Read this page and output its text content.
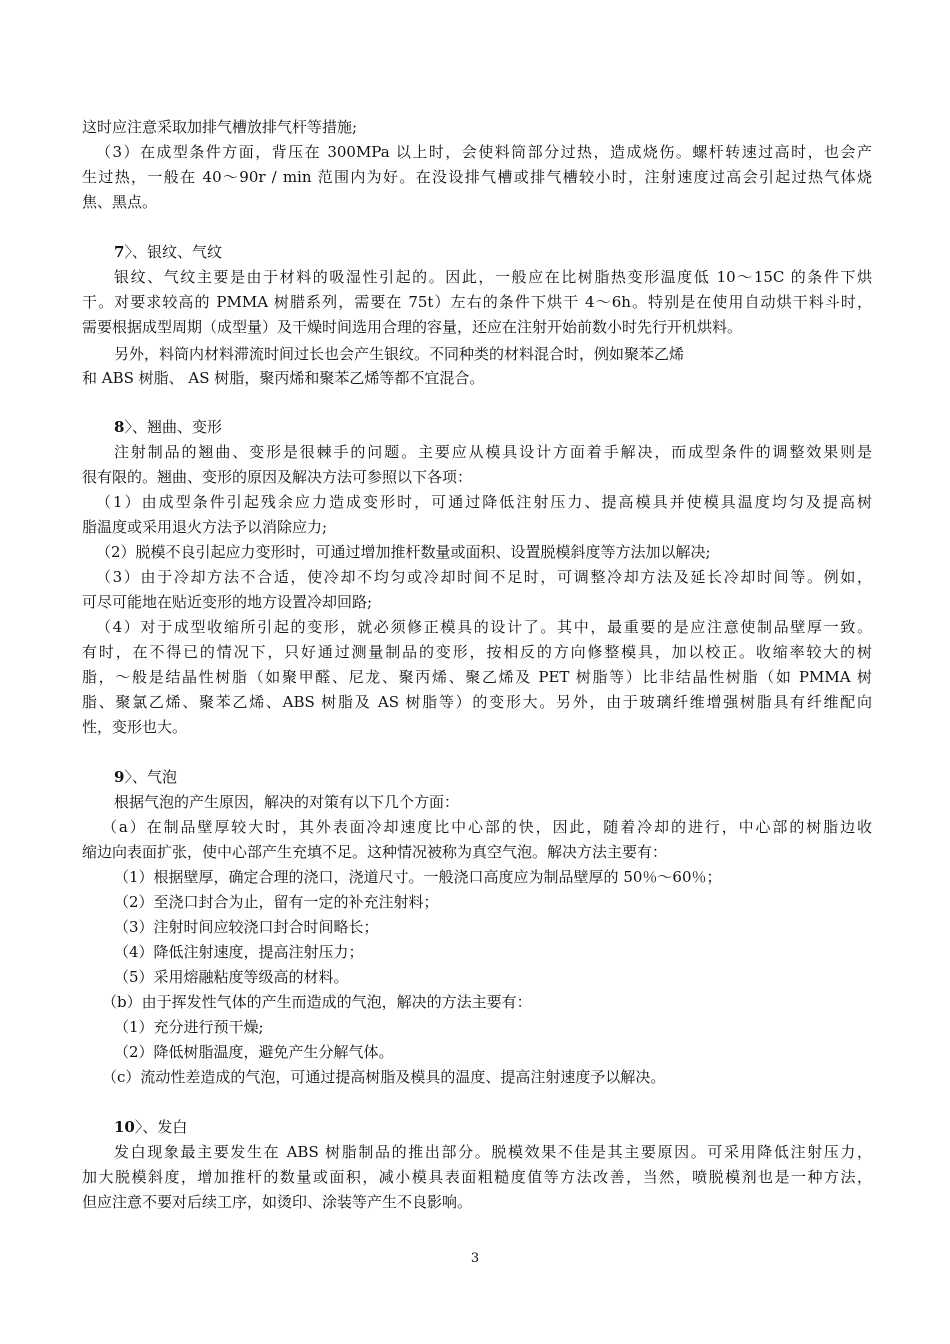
这时应注意采取加排气槽放排气杆等措施;
（3）在成型条件方面，背压在 300MPa 以上时，会使料筒部分过热，造成烧伤。螺杆转速过高时，也会产
生过热，一般在 40～90r / min 范围内为好。在没设排气槽或排气槽较小时，注射速度过高会引起过热气体烧
焦、黑点。
7〉、银纹、气纹
银纹、气纹主要是由于材料的吸湿性引起的。因此，一般应在比树脂热变形温度低 10～15C 的条件下烘
干。对要求较高的 PMMA 树腊系列，需要在 75t）左右的条件下烘干 4～6h。特别是在使用自动烘干料斗时，
需要根据成型周期（成型量）及干燥时间选用合理的容量，还应在注射开始前数小时先行开机烘料。
另外，料筒内材料滞流时间过长也会产生银纹。不同种类的材料混合时，例如聚苯乙烯
和 ABS 树脂、 AS 树脂，聚丙烯和聚苯乙烯等都不宜混合。
8〉、翘曲、变形
注射制品的翘曲、变形是很棘手的问题。主要应从模具设计方面着手解决，而成型条件的调整效果则是
很有限的。翘曲、变形的原因及解决方法可参照以下各项：
（1）由成型条件引起残余应力造成变形时，可通过降低注射压力、提高模具并使模具温度均匀及提高树
脂温度或采用退火方法予以消除应力;
（2）脱模不良引起应力变形时，可通过增加推杆数量或面积、设置脱模斜度等方法加以解决;
（3）由于冷却方法不合适，使冷却不均匀或冷却时间不足时，可调整冷却方法及延长冷却时间等。例如，
可尽可能地在贴近变形的地方设置冷却回路;
（4）对于成型收缩所引起的变形，就必须修正模具的设计了。其中，最重要的是应注意使制品壁厚一致。
有时，在不得已的情况下，只好通过测量制品的变形，按相反的方向修整模具，加以校正。收缩率较大的树
脂，～般是结晶性树脂（如聚甲醛、尼龙、聚丙烯、聚乙烯及 PET 树脂等）比非结晶性树脂（如 PMMA 树
脂、聚氯乙烯、聚苯乙烯、ABS 树脂及 AS 树脂等）的变形大。另外，由于玻璃纤维增强树脂具有纤维配向
性，变形也大。
9〉、气泡
根据气泡的产生原因，解决的对策有以下几个方面：
（a）在制品壁厚较大时，其外表面冷却速度比中心部的快，因此，随着冷却的进行，中心部的树脂边收
缩边向表面扩张，使中心部产生充填不足。这种情况被称为真空气泡。解决方法主要有：
（1）根据壁厚，确定合理的浇口，浇道尺寸。一般浇口高度应为制品壁厚的 50％～60％；
（2）至浇口封合为止，留有一定的补充注射料；
（3）注射时间应较浇口封合时间略长；
（4）降低注射速度，提高注射压力；
（5）采用熔融粘度等级高的材料。
（b）由于挥发性气体的产生而造成的气泡，解决的方法主要有：
（1）充分进行预干燥;
（2）降低树脂温度，避免产生分解气体。
（c）流动性差造成的气泡，可通过提高树脂及模具的温度、提高注射速度予以解决。
10〉、发白
发白现象最主要发生在 ABS 树脂制品的推出部分。脱模效果不佳是其主要原因。可采用降低注射压力，
加大脱模斜度，增加推杆的数量或面积，减小模具表面粗糙度值等方法改善，当然，喷脱模剂也是一种方法，
但应注意不要对后续工序，如烫印、涂装等产生不良影响。
3
